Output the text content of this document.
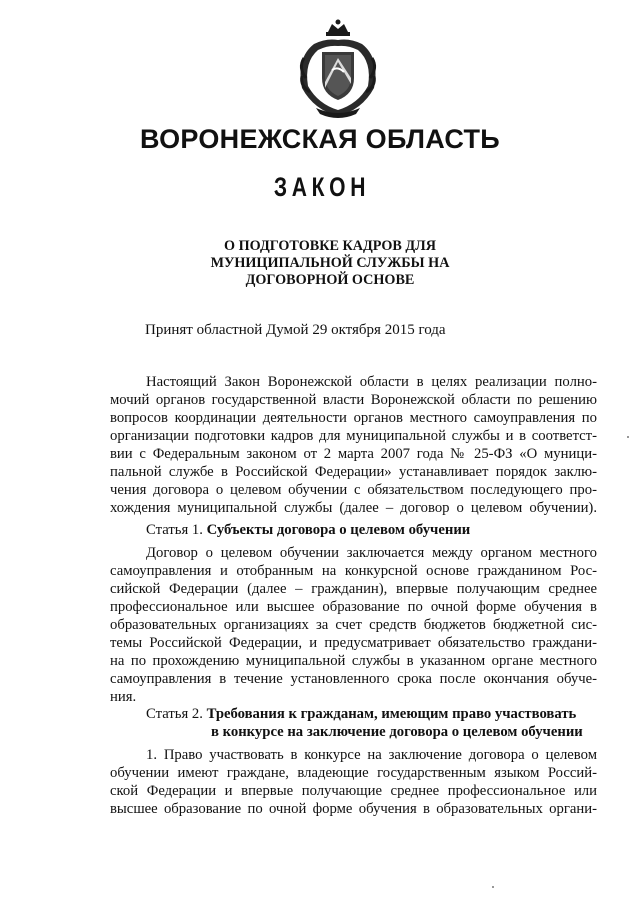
ВОРОНЕЖСКАЯ ОБЛАСТЬ
ЗАКОН
О ПОДГОТОВКЕ КАДРОВ ДЛЯ
МУНИЦИПАЛЬНОЙ СЛУЖБЫ НА
ДОГОВОРНОЙ ОСНОВЕ

Принят областной Думой 29 октября 2015 года

Настоящий Закон Воронежской области в целях реализации полно-

мочий органов государственной власти Воронежской области по решению

вопросов координации деятельности органов местного самоуправления по

организации подготовки кадров для муниципальной службы и в соответст-

вии с Федеральным законом от 2 марта 2007 года № 25-ФЗ «О муници-

пальной службе в Российской Федерации» устанавливает порядок заклю-

чения договора о целевом обучении с обязательством последующего про-

хождения муниципальной службы (далее – договор о целевом обучении).

Статья 1. Субъекты договора о целевом обучении

Договор о целевом обучении заключается между органом местного

самоуправления и отобранным на конкурсной основе гражданином Рос-

сийской Федерации (далее – гражданин), впервые получающим среднее

профессиональное или высшее образование по очной форме обучения в

образовательных организациях за счет средств бюджетов бюджетной сис-

темы Российской Федерации, и предусматривает обязательство граждани-

на по прохождению муниципальной службы в указанном органе местного

самоуправления в течение установленного срока после окончания обуче-

ния.

Статья 2. Требования к гражданам, имеющим право участвовать

в конкурсе на заключение договора о целевом обучении

1. Право участвовать в конкурсе на заключение договора о целевом

обучении имеют граждане, владеющие государственным языком Россий-

ской Федерации и впервые получающие среднее профессиональное или

высшее образование по очной форме обучения в образовательных органи-
